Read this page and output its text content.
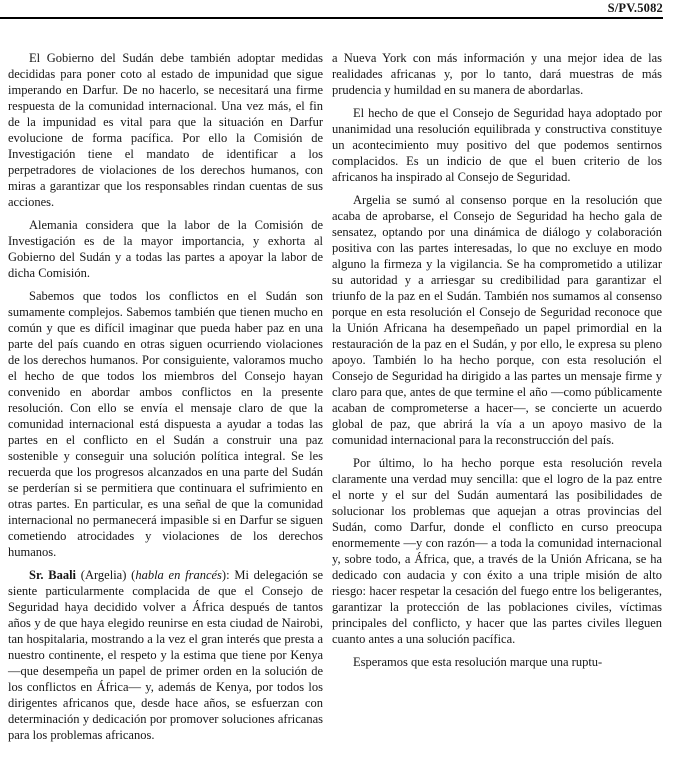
S/PV.5082

El Gobierno del Sudán debe también adoptar medidas decididas para poner coto al estado de impunidad que sigue imperando en Darfur. De no hacerlo, se necesitará una firme respuesta de la comunidad internacional. Una vez más, el fin de la impunidad es vital para que la situación en Darfur evolucione de forma pacífica. Por ello la Comisión de Investigación tiene el mandato de identificar a los perpetradores de violaciones de los derechos humanos, con miras a garantizar que los responsables rindan cuentas de sus acciones.

Alemania considera que la labor de la Comisión de Investigación es de la mayor importancia, y exhorta al Gobierno del Sudán y a todas las partes a apoyar la labor de dicha Comisión.

Sabemos que todos los conflictos en el Sudán son sumamente complejos. Sabemos también que tienen mucho en común y que es difícil imaginar que pueda haber paz en una parte del país cuando en otras siguen ocurriendo violaciones de los derechos humanos. Por consiguiente, valoramos mucho el hecho de que todos los miembros del Consejo hayan convenido en abordar ambos conflictos en la presente resolución. Con ello se envía el mensaje claro de que la comunidad internacional está dispuesta a ayudar a todas las partes en el conflicto en el Sudán a construir una paz sostenible y conseguir una solución política integral. Se les recuerda que los progresos alcanzados en una parte del Sudán se perderían si se permitiera que continuara el sufrimiento en otras partes. En particular, es una señal de que la comunidad internacional no permanecerá impasible si en Darfur se siguen cometiendo atrocidades y violaciones de los derechos humanos.

Sr. Baali (Argelia) (habla en francés): Mi delegación se siente particularmente complacida de que el Consejo de Seguridad haya decidido volver a África después de tantos años y de que haya elegido reunirse en esta ciudad de Nairobi, tan hospitalaria, mostrando a la vez el gran interés que presta a nuestro continente, el respeto y la estima que tiene por Kenya —que desempeña un papel de primer orden en la solución de los conflictos en África— y, además de Kenya, por todos los dirigentes africanos que, desde hace años, se esfuerzan con determinación y dedicación por promover soluciones africanas para los problemas africanos.

a Nueva York con más información y una mejor idea de las realidades africanas y, por lo tanto, dará muestras de más prudencia y humildad en su manera de abordarlas.

El hecho de que el Consejo de Seguridad haya adoptado por unanimidad una resolución equilibrada y constructiva constituye un acontecimiento muy positivo del que podemos sentirnos complacidos. Es un indicio de que el buen criterio de los africanos ha inspirado al Consejo de Seguridad.

Argelia se sumó al consenso porque en la resolución que acaba de aprobarse, el Consejo de Seguridad ha hecho gala de sensatez, optando por una dinámica de diálogo y colaboración positiva con las partes interesadas, lo que no excluye en modo alguno la firmeza y la vigilancia. Se ha comprometido a utilizar su autoridad y a arriesgar su credibilidad para garantizar el triunfo de la paz en el Sudán. También nos sumamos al consenso porque en esta resolución el Consejo de Seguridad reconoce que la Unión Africana ha desempeñado un papel primordial en la restauración de la paz en el Sudán, y por ello, le expresa su pleno apoyo. También lo ha hecho porque, con esta resolución el Consejo de Seguridad ha dirigido a las partes un mensaje firme y claro para que, antes de que termine el año —como públicamente acaban de comprometerse a hacer—, se concierte un acuerdo global de paz, que abrirá la vía a un apoyo masivo de la comunidad internacional para la reconstrucción del país.

Por último, lo ha hecho porque esta resolución revela claramente una verdad muy sencilla: que el logro de la paz entre el norte y el sur del Sudán aumentará las posibilidades de solucionar los problemas que aquejan a otras provincias del Sudán, como Darfur, donde el conflicto en curso preocupa enormemente —y con razón— a toda la comunidad internacional y, sobre todo, a África, que, a través de la Unión Africana, se ha dedicado con audacia y con éxito a una triple misión de alto riesgo: hacer respetar la cesación del fuego entre los beligerantes, garantizar la protección de las poblaciones civiles, víctimas principales del conflicto, y hacer que las partes civiles lleguen cuanto antes a una solución pacífica.

Esperamos que esta resolución marque una ruptu-
